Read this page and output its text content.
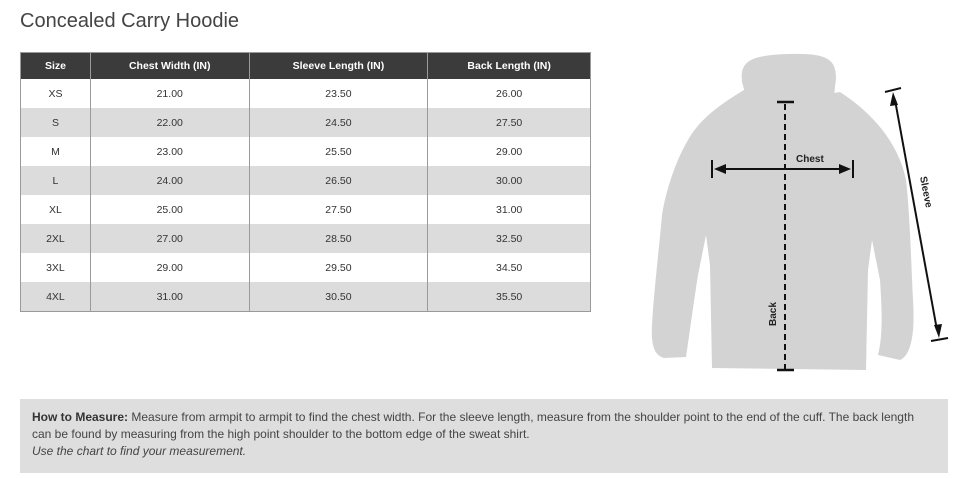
Concealed Carry Hoodie
Size	Chest Width (IN)	Sleeve Length (IN)	Back Length (IN)
XS	21.00	23.50	26.00
S	22.00	24.50	27.50
M	23.00	25.50	29.00
L	24.00	26.50	30.00
XL	25.00	27.50	31.00
2XL	27.00	28.50	32.50
3XL	29.00	29.50	34.50
4XL	31.00	30.50	35.50
Chest
Back
Sleeve
How to Measure: Measure from armpit to armpit to find the chest width. For the sleeve length, measure from the shoulder point to the end of the cuff. The back length can be found by measuring from the high point shoulder to the bottom edge of the sweat shirt.
Use the chart to find your measurement.
